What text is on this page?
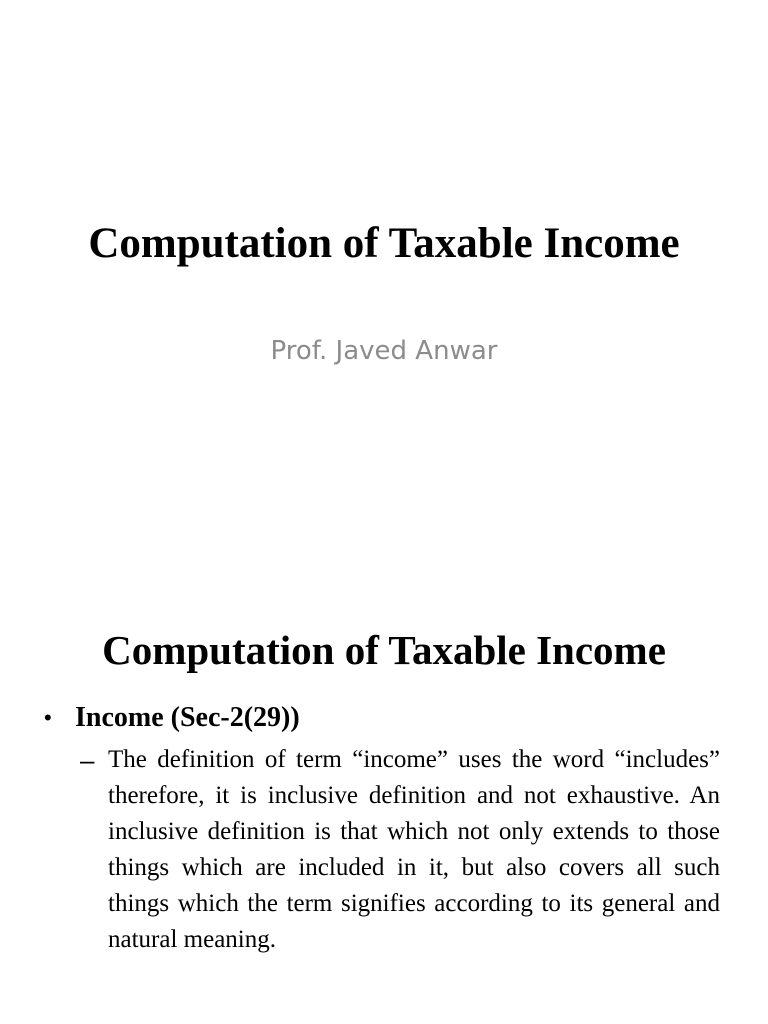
Computation of Taxable Income
Prof. Javed Anwar
Computation of Taxable Income
• Income (Sec-2(29))
– The definition of term “income” uses the word “includes” therefore, it is inclusive definition and not exhaustive. An inclusive definition is that which not only extends to those things which are included in it, but also covers all such things which the term signifies according to its general and natural meaning.
